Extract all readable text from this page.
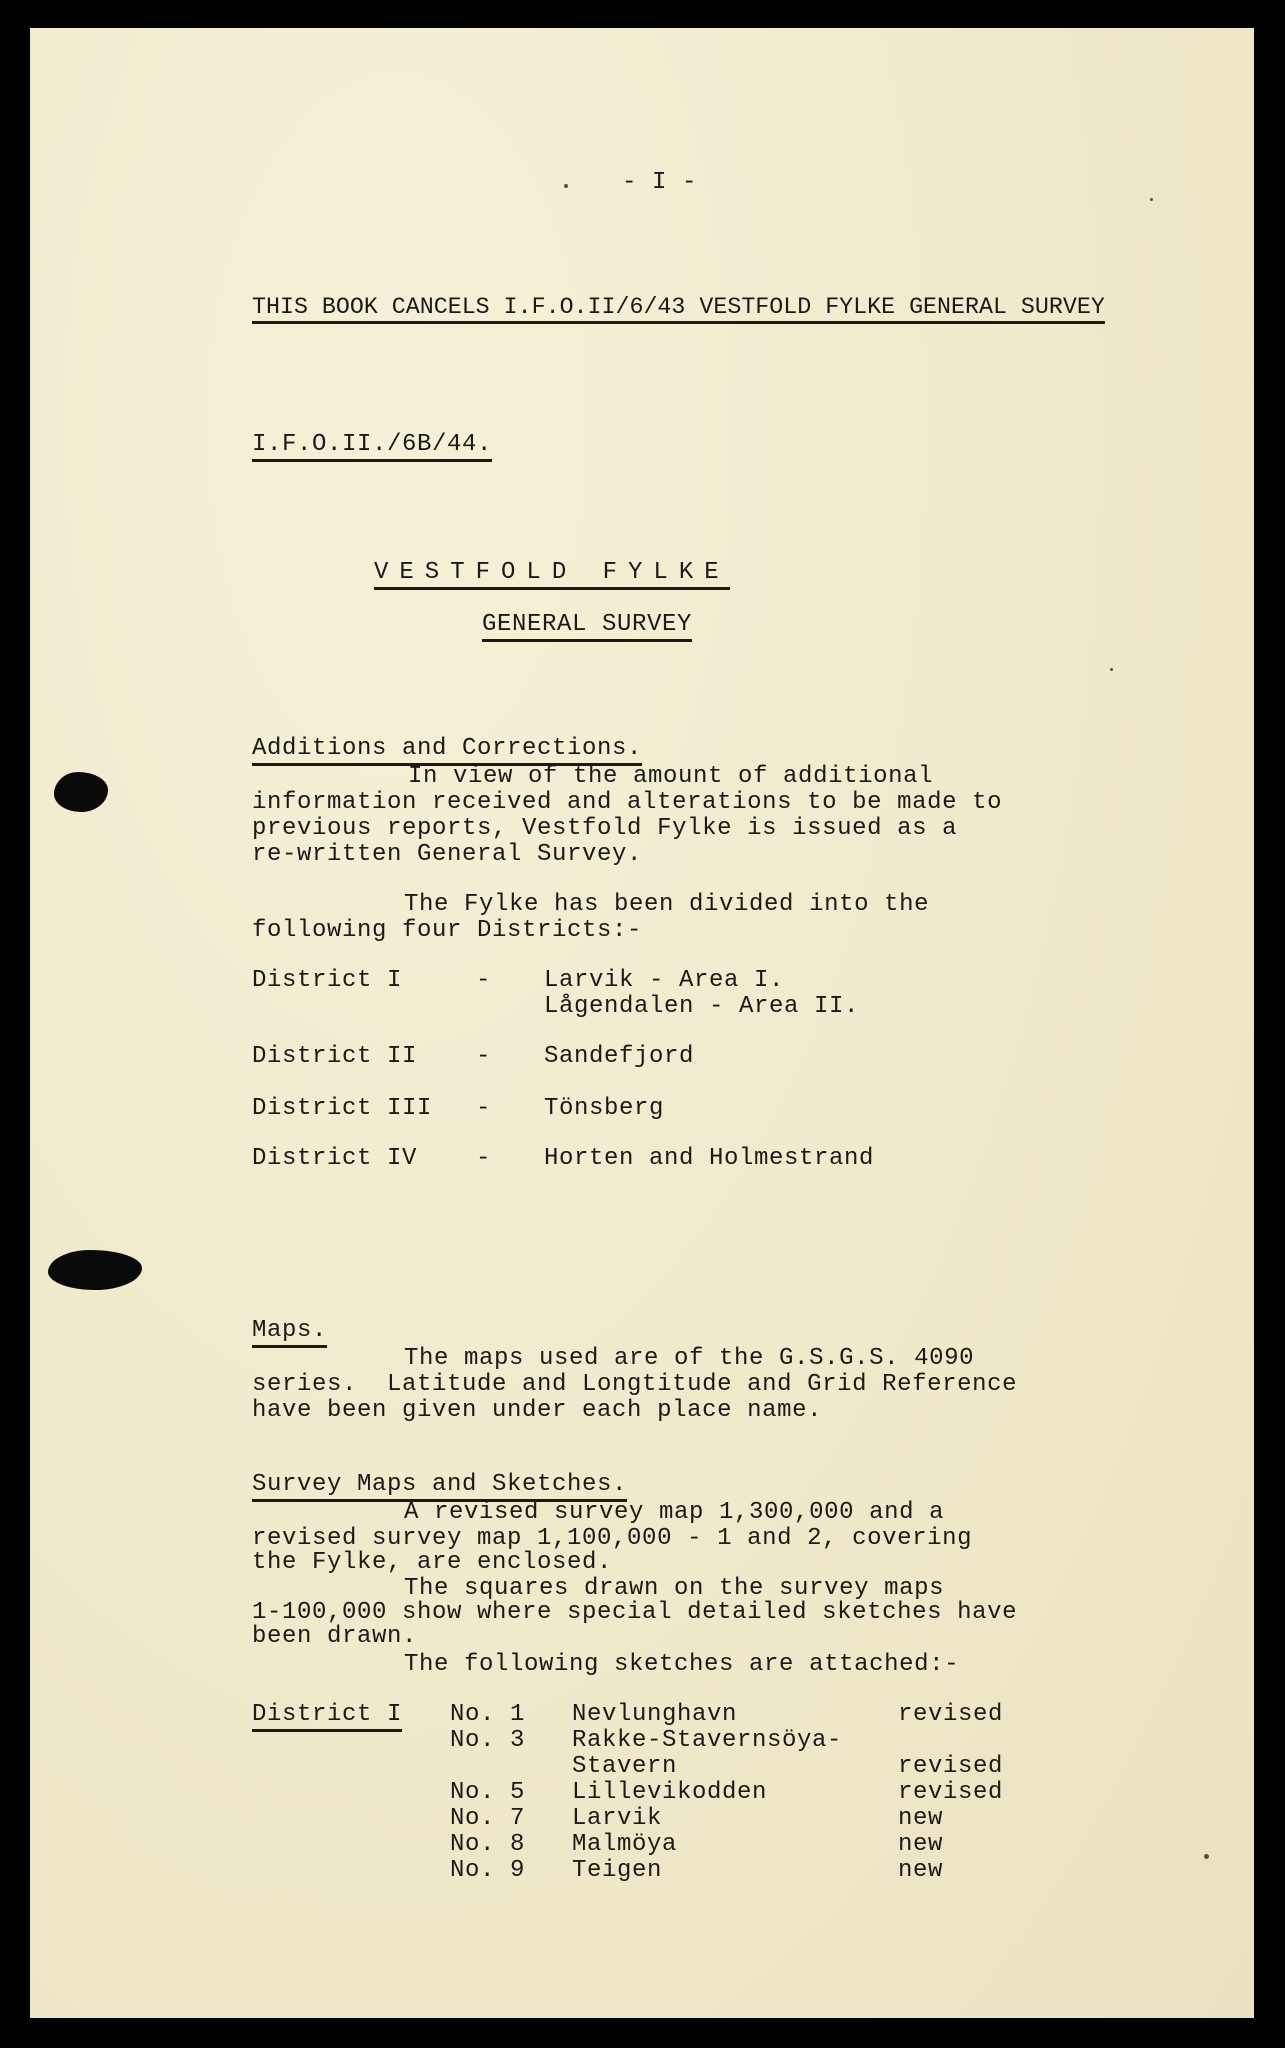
- I -
THIS BOOK CANCELS I.F.O.II/6/43 VESTFOLD FYLKE GENERAL SURVEY
I.F.O.II./6B/44.
VESTFOLD FYLKE
GENERAL SURVEY
Additions and Corrections.
In view of the amount of additional
information received and alterations to be made to
previous reports, Vestfold Fylke is issued as a
re-written General Survey.
The Fylke has been divided into the
following four Districts:-
District I	- Larvik - Area I.
Lågendalen - Area II.
District II - Sandefjord
District III - Tönsberg
District IV - Horten and Holmestrand
Maps.
The maps used are of the G.S.G.S. 4090
series.  Latitude and Longtitude and Grid Reference
have been given under each place name.
Survey Maps and Sketches.
A revised survey map 1,300,000 and a
revised survey map 1,100,000 - 1 and 2, covering
the Fylke, are enclosed.
The squares drawn on the survey maps
1-100,000 show where special detailed sketches have
been drawn.
The following sketches are attached:-
District I No. 1 Nevlunghavn	revised
No. 3 Rakke-Stavernsöya-
Stavern	revised
No. 5 Lillevikodden	revised
No. 7 Larvik	new
No. 8 Malmöya	new
No. 9 Teigen	new
